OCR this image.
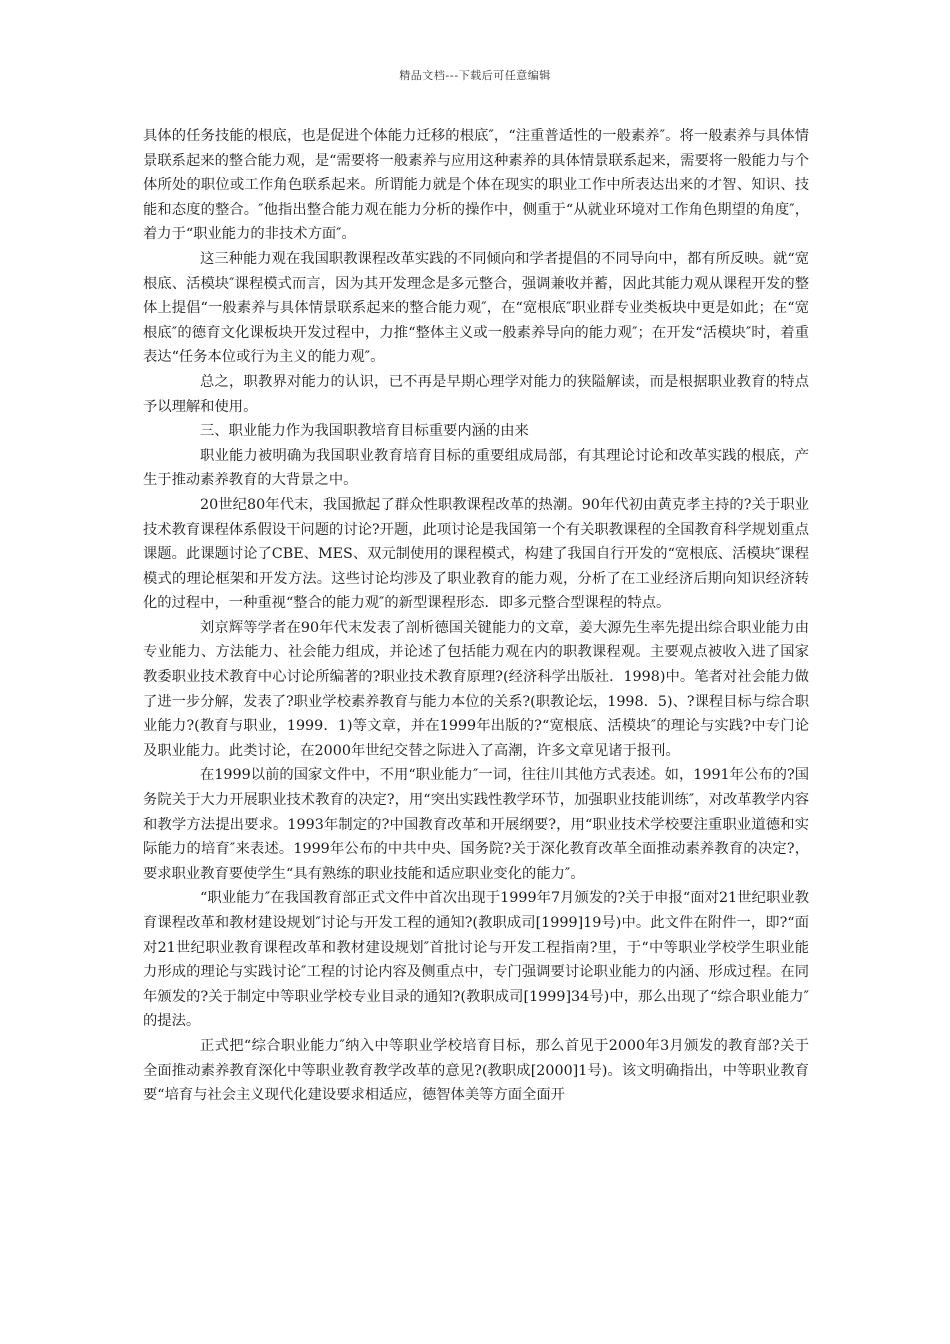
精品文档---下载后可任意编辑

具体的任务技能的根底，也是促进个体能力迁移的根底″，“注重普适性的一般素养″。将一般素养与具体情景联系起来的整合能力观，是“需要将一般素养与应用这种素养的具体情景联系起来，需要将一般能力与个体所处的职位或工作角色联系起来。所谓能力就是个体在现实的职业工作中所表达出来的才智、知识、技能和态度的整合。″他指出整合能力观在能力分析的操作中，侧重于“从就业环境对工作角色期望的角度″，着力于“职业能力的非技术方面″。

这三种能力观在我国职教课程改革实践的不同倾向和学者提倡的不同导向中，都有所反映。就“宽根底、活模块″课程模式而言，因为其开发理念是多元整合，强调兼收并蓄，因此其能力观从课程开发的整体上提倡“一般素养与具体情景联系起来的整合能力观″，在“宽根底″职业群专业类板块中更是如此；在“宽根底″的德育文化课板块开发过程中，力推“整体主义或一般素养导向的能力观″；在开发“活模块″时，着重表达“任务本位或行为主义的能力观″。

总之，职教界对能力的认识，已不再是早期心理学对能力的狭隘解读，而是根据职业教育的特点予以理解和使用。

三、职业能力作为我国职教培育目标重要内涵的由来

职业能力被明确为我国职业教育培育目标的重要组成局部，有其理论讨论和改革实践的根底，产生于推动素养教育的大背景之中。

20世纪80年代末，我国掀起了群众性职教课程改革的热潮。90年代初由黄克孝主持的?关于职业技术教育课程体系假设干问题的讨论?开题，此项讨论是我国第一个有关职教课程的全国教育科学规划重点课题。此课题讨论了CBE、MES、双元制使用的课程模式，构建了我国自行开发的“宽根底、活模块″课程模式的理论框架和开发方法。这些讨论均涉及了职业教育的能力观，分析了在工业经济后期向知识经济转化的过程中，一种重视“整合的能力观″的新型课程形态．即多元整合型课程的特点。

刘京辉等学者在90年代末发表了剖析德国关键能力的文章，姜大源先生率先提出综合职业能力由专业能力、方法能力、社会能力组成，并论述了包括能力观在内的职教课程观。主要观点被收入进了国家教委职业技术教育中心讨论所编著的?职业技术教育原理?(经济科学出版社．1998)中。笔者对社会能力做了进一步分解，发表了?职业学校素养教育与能力本位的关系?(职教论坛，1998．5)、?课程目标与综合职业能力?(教育与职业，1999．1)等文章，并在1999年出版的?“宽根底、活模块″的理论与实践?中专门论及职业能力。此类讨论，在2000年世纪交替之际进入了高潮，许多文章见诸于报刊。

在1999以前的国家文件中，不用“职业能力″一词，往往川其他方式表述。如，1991年公布的?国务院关于大力开展职业技术教育的决定?，用“突出实践性教学环节，加强职业技能训练″，对改革教学内容和教学方法提出要求。1993年制定的?中国教育改革和开展纲要?，用“职业技术学校要注重职业道德和实际能力的培育″来表述。1999年公布的中共中央、国务院?关于深化教育改革全面推动素养教育的决定?，要求职业教育要使学生“具有熟练的职业技能和适应职业变化的能力″。

“职业能力″在我国教育部正式文件中首次出现于1999年7月颁发的?关于申报“面对21世纪职业教育课程改革和教材建设规划″讨论与开发工程的通知?(教职成司[1999]19号)中。此文件在附件一，即?“面对21世纪职业教育课程改革和教材建设规划″首批讨论与开发工程指南?里，于“中等职业学校学生职业能力形成的理论与实践讨论″工程的讨论内容及侧重点中，专门强调要讨论职业能力的内涵、形成过程。在同年颁发的?关于制定中等职业学校专业目录的通知?(教职成司[1999]34号)中，那么出现了“综合职业能力″的提法。

正式把“综合职业能力″纳入中等职业学校培育目标，那么首见于2000年3月颁发的教育部?关于全面推动素养教育深化中等职业教育教学改革的意见?(教职成[2000]1号)。该文明确指出，中等职业教育要“培育与社会主义现代化建设要求相适应，德智体美等方面全面开
